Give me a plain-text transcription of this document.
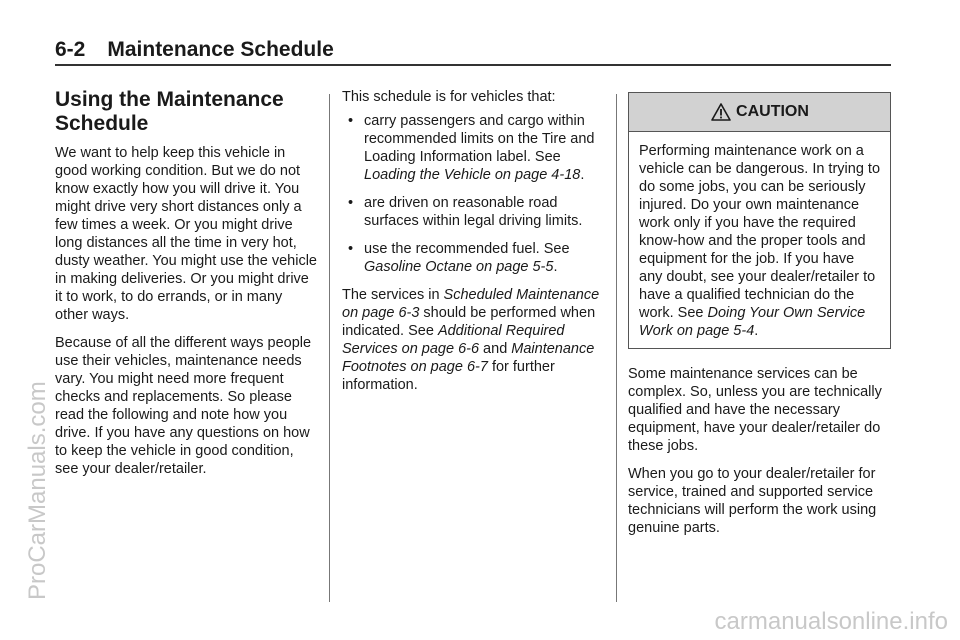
6-2 Maintenance Schedule
Using the Maintenance
Schedule

We want to help keep this vehicle in good working condition. But we do not know exactly how you will drive it. You might drive very short distances only a few times a week. Or you might drive long distances all the time in very hot, dusty weather. You might use the vehicle in making deliveries. Or you might drive it to work, to do errands, or in many other ways.

Because of all the different ways people use their vehicles, maintenance needs vary. You might need more frequent checks and replacements. So please read the following and note how you drive. If you have any questions on how to keep the vehicle in good condition, see your dealer/retailer.

This schedule is for vehicles that:

• carry passengers and cargo within recommended limits on the Tire and Loading Information label. See Loading the Vehicle on page 4-18.
• are driven on reasonable road surfaces within legal driving limits.
• use the recommended fuel. See Gasoline Octane on page 5-5.

The services in Scheduled Maintenance on page 6-3 should be performed when indicated. See Additional Required Services on page 6-6 and Maintenance Footnotes on page 6-7 for further information.

CAUTION
Performing maintenance work on a vehicle can be dangerous. In trying to do some jobs, you can be seriously injured. Do your own maintenance work only if you have the required know-how and the proper tools and equipment for the job. If you have any doubt, see your dealer/retailer to have a qualified technician do the work. See Doing Your Own Service Work on page 5-4.

Some maintenance services can be complex. So, unless you are technically qualified and have the necessary equipment, have your dealer/retailer do these jobs.

When you go to your dealer/retailer for service, trained and supported service technicians will perform the work using genuine parts.

ProCarManuals.com
carmanualsonline.info
